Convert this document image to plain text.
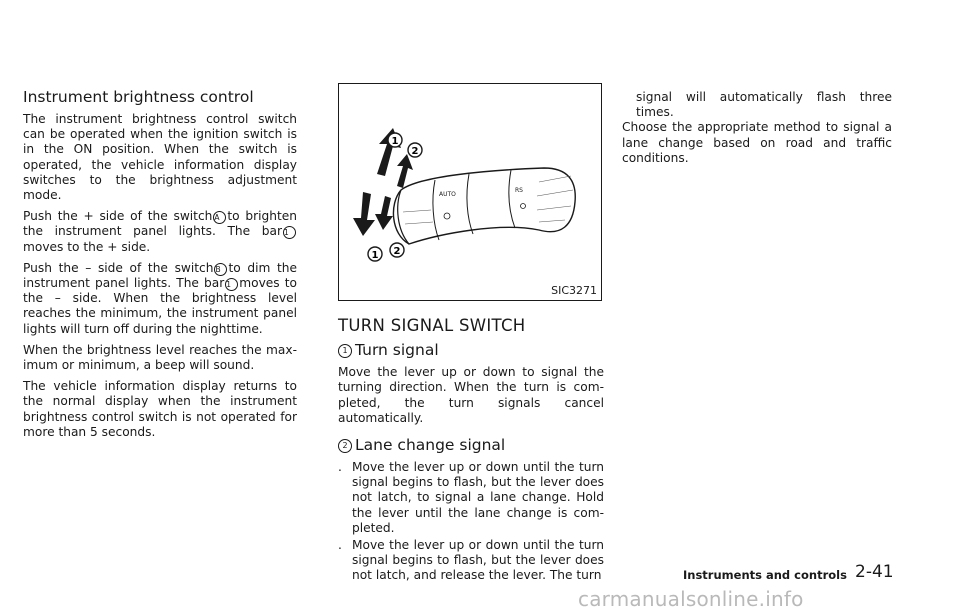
Instrument brightness control

The instrument brightness control switch can be operated when the ignition switch is in the ON position. When the switch is operated, the vehicle information display switches to the brightness adjustment mode.

Push the + side of the switch A to brighten the instrument panel lights. The bar 1moves to the + side.

Push the – side of the switch B to dim the instrument panel lights. The bar 1 moves to the – side. When the brightness level reaches the minimum, the instrument panel lights will turn off during the nighttime.

When the brightness level reaches the max- imum or minimum, a beep will sound.

The vehicle information display returns to the normal display when the instrument brightness control switch is not operated for more than 5 seconds.

AUTO
RS
1
2
1 2
SIC3271
TURN SIGNAL SWITCH
1 Turn signal

Move the lever up or down to signal the turning direction. When the turn is com- pleted, the turn signals cancel automatically.

2 Lane change signal
. Move the lever up or down until the turn signal begins to flash, but the lever does not latch, to signal a lane change. Hold the lever until the lane change is com- pleted.
. Move the lever up or down until the turn signal begins to flash, but the lever does not latch, and release the lever. The turn

signal will automatically flash three times.

Choose the appropriate method to signal a lane change based on road and traffic conditions.

Instruments and controls 2-41
carmanualsonline.info
